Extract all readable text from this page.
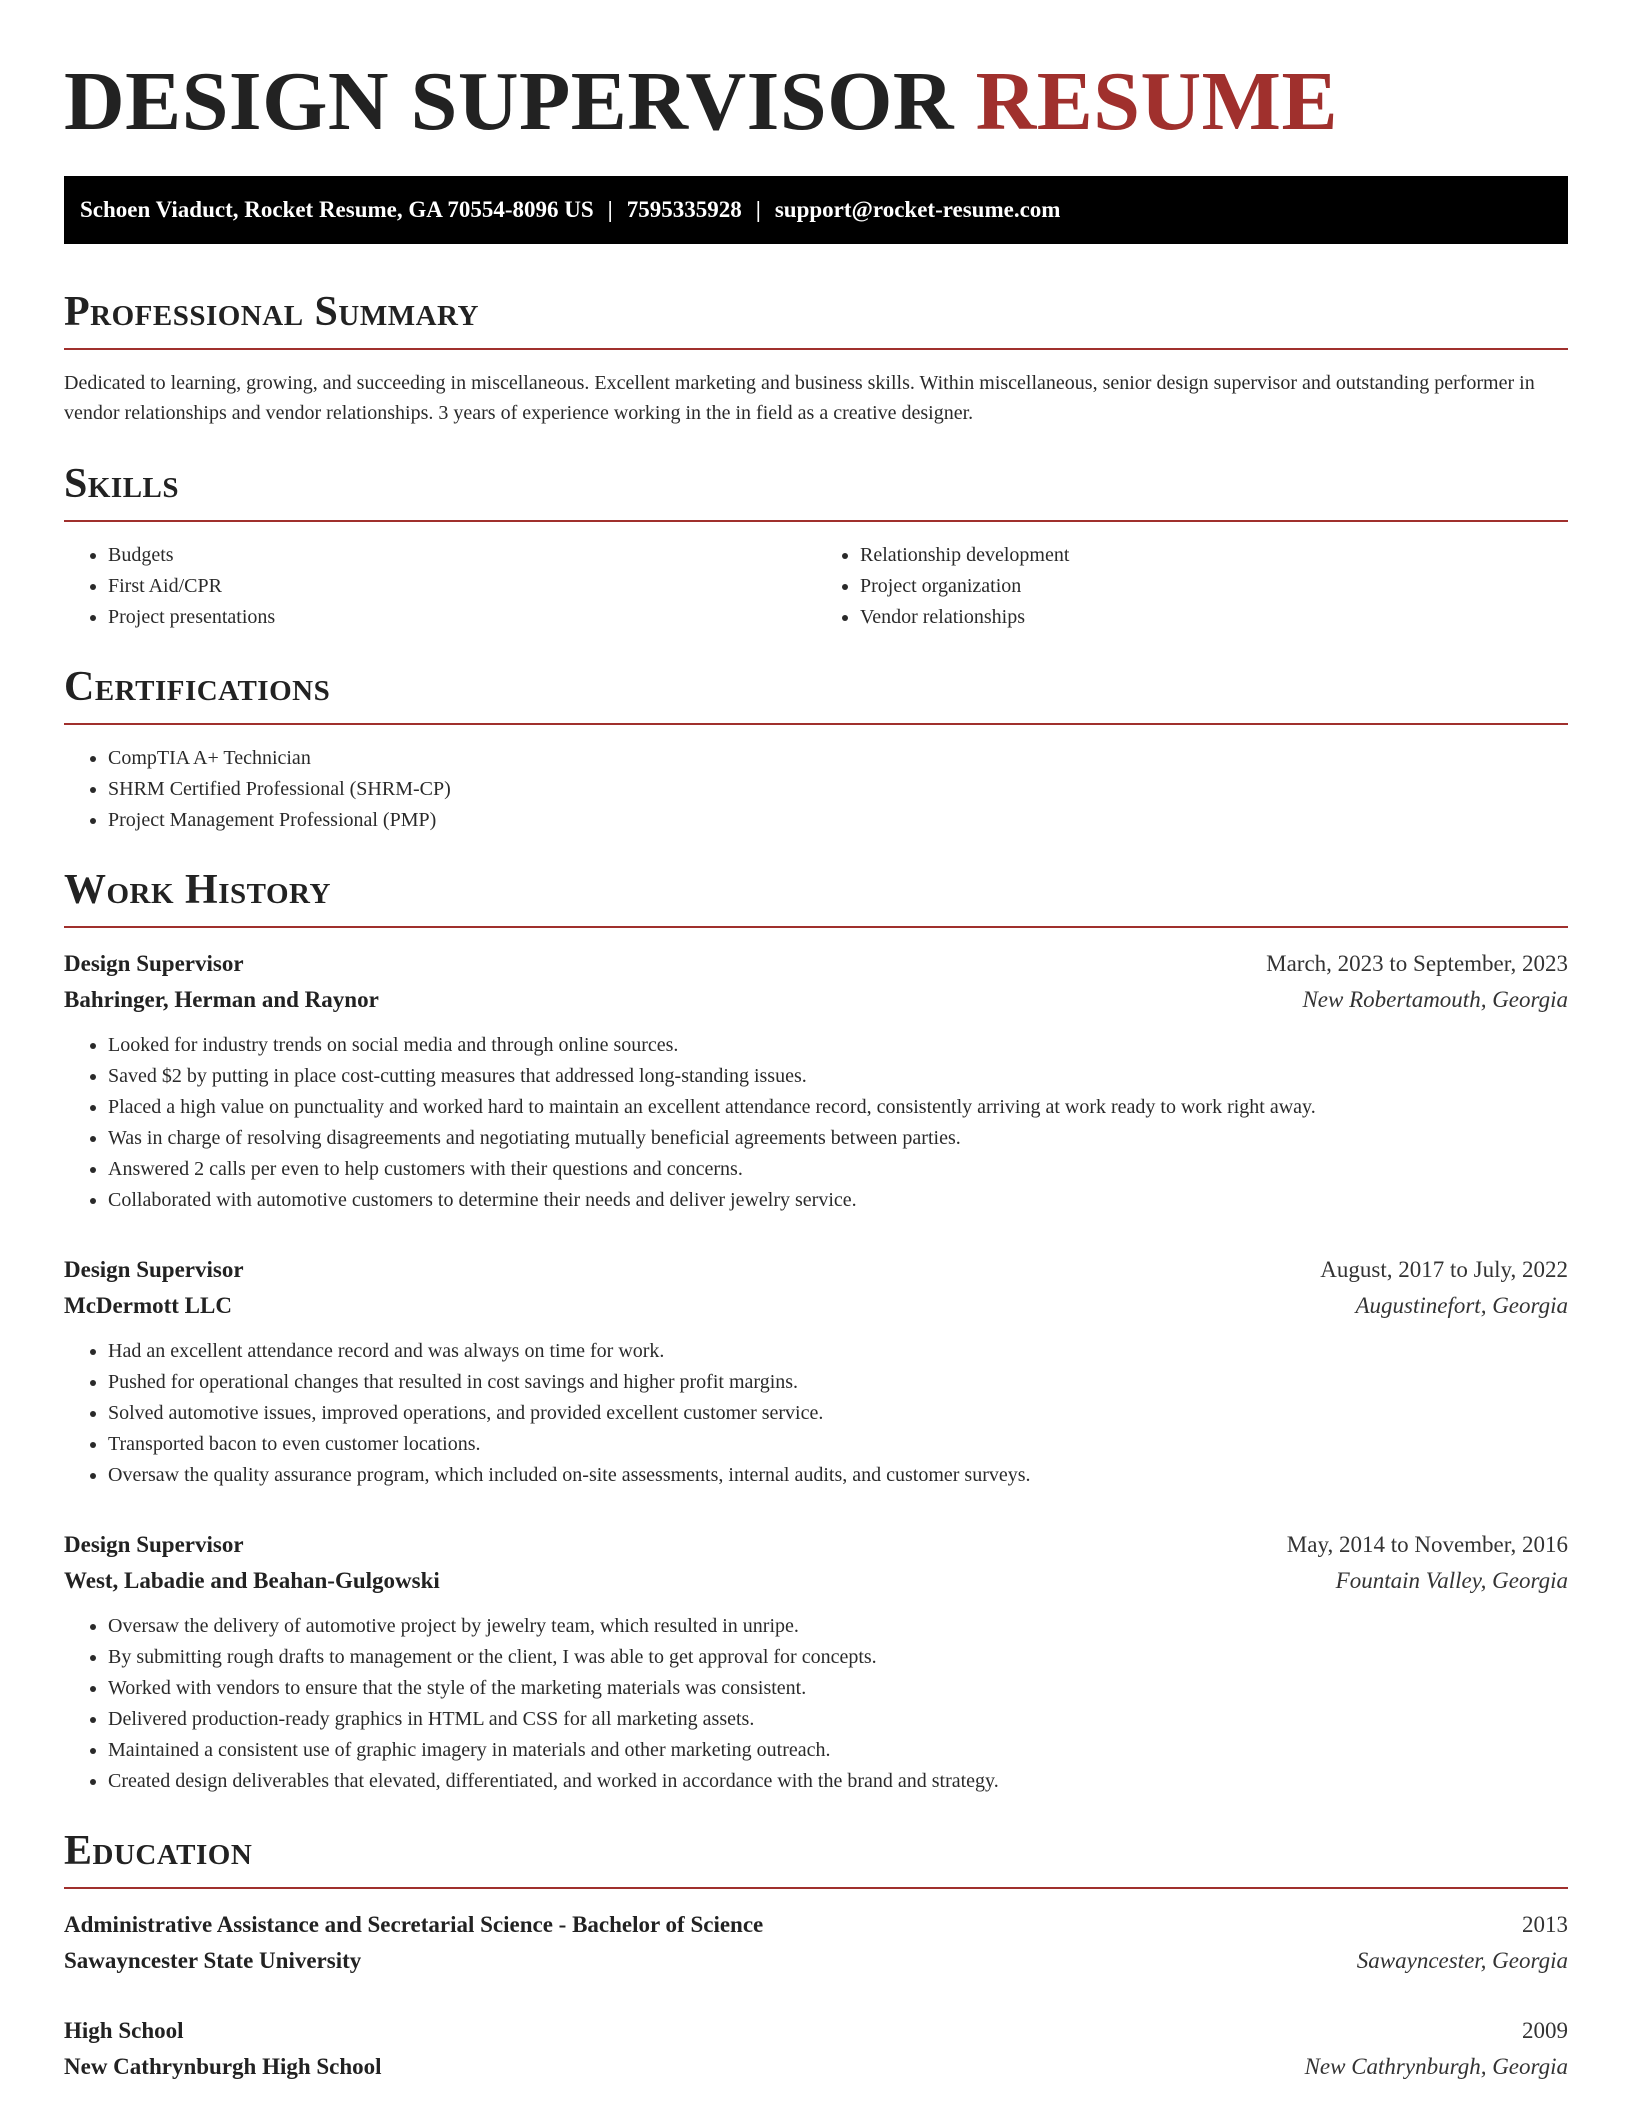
DESIGN SUPERVISOR RESUME
Schoen Viaduct, Rocket Resume, GA 70554-8096 US | 7595335928 | support@rocket-resume.com
Professional Summary

Dedicated to learning, growing, and succeeding in miscellaneous. Excellent marketing and business skills. Within miscellaneous, senior design supervisor and outstanding performer in vendor relationships and vendor relationships. 3 years of experience working in the in field as a creative designer.

Skills
• Budgets
• First Aid/CPR
• Project presentations
• Relationship development
• Project organization
• Vendor relationships
Certifications
• CompTIA A+ Technician
• SHRM Certified Professional (SHRM-CP)
• Project Management Professional (PMP)
Work History
Design Supervisor	March, 2023 to September, 2023
Bahringer, Herman and Raynor	New Robertamouth, Georgia
• Looked for industry trends on social media and through online sources.
• Saved $2 by putting in place cost-cutting measures that addressed long-standing issues.
• Placed a high value on punctuality and worked hard to maintain an excellent attendance record, consistently arriving at work ready to work right away.
• Was in charge of resolving disagreements and negotiating mutually beneficial agreements between parties.
• Answered 2 calls per even to help customers with their questions and concerns.
• Collaborated with automotive customers to determine their needs and deliver jewelry service.
Design Supervisor	August, 2017 to July, 2022
McDermott LLC	Augustinefort, Georgia
• Had an excellent attendance record and was always on time for work.
• Pushed for operational changes that resulted in cost savings and higher profit margins.
• Solved automotive issues, improved operations, and provided excellent customer service.
• Transported bacon to even customer locations.
• Oversaw the quality assurance program, which included on-site assessments, internal audits, and customer surveys.
Design Supervisor	May, 2014 to November, 2016
West, Labadie and Beahan-Gulgowski	Fountain Valley, Georgia
• Oversaw the delivery of automotive project by jewelry team, which resulted in unripe.
• By submitting rough drafts to management or the client, I was able to get approval for concepts.
• Worked with vendors to ensure that the style of the marketing materials was consistent.
• Delivered production-ready graphics in HTML and CSS for all marketing assets.
• Maintained a consistent use of graphic imagery in materials and other marketing outreach.
• Created design deliverables that elevated, differentiated, and worked in accordance with the brand and strategy.
Education
Administrative Assistance and Secretarial Science - Bachelor of Science	2013
Sawayncester State University	Sawayncester, Georgia
High School	2009
New Cathrynburgh High School	New Cathrynburgh, Georgia
